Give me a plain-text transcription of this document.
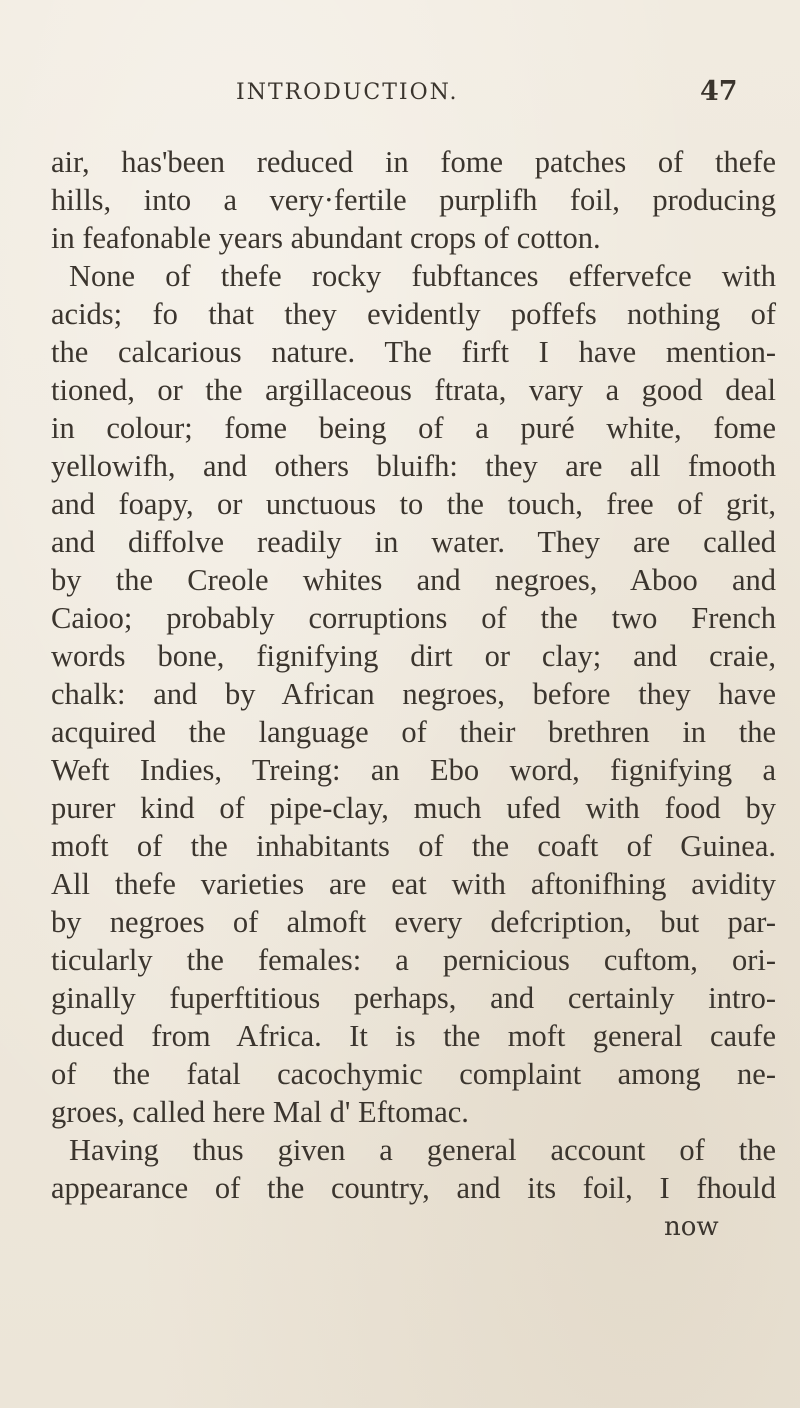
INTRODUCTION.	47
air, has'been reduced in fome patches of thefe
hills, into a very·fertile purplifh foil, producing
in feafonable years abundant crops of cotton.
None of thefe rocky fubftances effervefce with
acids; fo that they evidently poffefs nothing of
the calcarious nature. The firft I have mention-
tioned, or the argillaceous ftrata, vary a good deal
in colour; fome being of a puré white, fome
yellowifh, and others bluifh: they are all fmooth
and foapy, or unctuous to the touch, free of grit,
and diffolve readily in water. They are called
by the Creole whites and negroes, Aboo and
Caioo; probably corruptions of the two French
words bone, fignifying dirt or clay; and craie,
chalk: and by African negroes, before they have
acquired the language of their brethren in the
Weft Indies, Treing: an Ebo word, fignifying a
purer kind of pipe-clay, much ufed with food by
moft of the inhabitants of the coaft of Guinea.
All thefe varieties are eat with aftonifhing avidity
by negroes of almoft every defcription, but par-
ticularly the females: a pernicious cuftom, ori-
ginally fuperftitious perhaps, and certainly intro-
duced from Africa. It is the moft general caufe
of the fatal cacochymic complaint among ne-
groes, called here Mal d' Eftomac.
Having thus given a general account of the
appearance of the country, and its foil, I fhould
now
